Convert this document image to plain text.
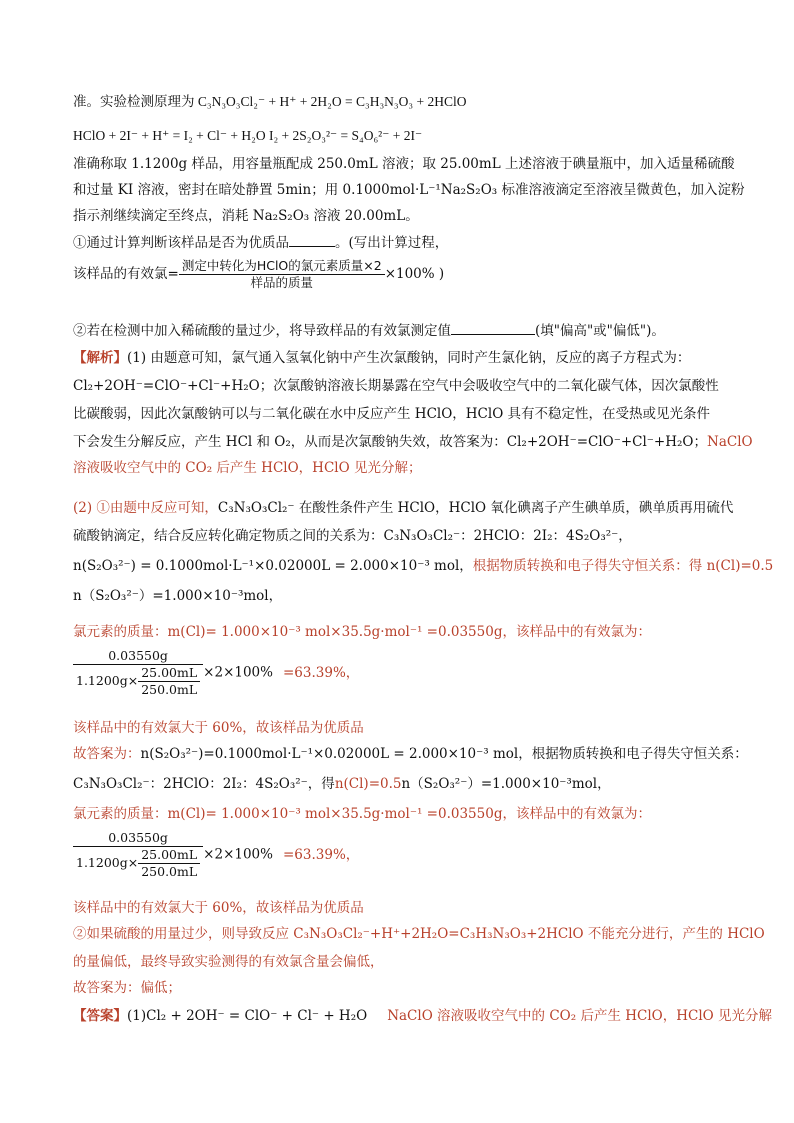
准。实验检测原理为 C₃N₃O₃Cl₂⁻ + H⁺ + 2H₂O = C₃H₃N₃O₃ + 2HClO
HClO + 2I⁻ + H⁺ = I₂ + Cl⁻ + H₂O I₂ + 2S₂O₃²⁻ = S₄O₆²⁻ + 2I⁻
准确称取 1.1200g 样品，用容量瓶配成 250.0mL 溶液；取 25.00mL 上述溶液于碘量瓶中，加入适量稀硫酸
和过量 KI 溶液，密封在暗处静置 5min；用 0.1000mol·L⁻¹Na₂S₂O₃ 标准溶液滴定至溶液呈微黄色，加入淀粉
指示剂继续滴定至终点，消耗 Na₂S₂O₃ 溶液 20.00mL。
①通过计算判断该样品是否为优质品	。(写出计算过程，
该样品的有效氯= $\frac{\text{测定中转化为HClO的氯元素质量×2}}{\text{样品的质量}} \times 100\%$ )
②若在检测中加入稀硫酸的量过少，将导致样品的有效氯测定值	(填"偏高"或"偏低")。
【解析】(1) 由题意可知，氯气通入氢氧化钠中产生次氯酸钠，同时产生氯化钠，反应的离子方程式为：
Cl₂+2OH⁻=ClO⁻+Cl⁻+H₂O；次氯酸钠溶液长期暴露在空气中会吸收空气中的二氧化碳气体，因次氯酸性
比碳酸弱，因此次氯酸钠可以与二氧化碳在水中反应产生 HClO，HClO 具有不稳定性，在受热或见光条件
下会发生分解反应，产生 HCl 和 O₂，从而是次氯酸钠失效，故答案为：Cl₂+2OH⁻=ClO⁻+Cl⁻+H₂O；NaClO
溶液吸收空气中的 CO₂ 后产生 HClO，HClO 见光分解；
(2) ①由题中反应可知，C₃N₃O₃Cl₂⁻ 在酸性条件产生 HClO，HClO 氧化碘离子产生碘单质，碘单质再用硫代
硫酸钠滴定，结合反应转化确定物质之间的关系为：C₃N₃O₃Cl₂⁻：2HClO：2I₂：4S₂O₃²⁻，
n(S₂O₃²⁻) = 0.1000mol·L⁻¹×0.02000L = 2.000×10⁻³ mol，根据物质转换和电子得失守恒关系：得 n(Cl)=0.5
n（S₂O₃²⁻）=1.000×10⁻³mol，
氯元素的质量：m(Cl)= 1.000×10⁻³ mol×35.5g·mol⁻¹ =0.03550g，该样品中的有效氯为：
$\frac{0.03550g}{1.1200g\times \frac{25.00mL}{250.0mL}} \times 2\times 100\% =63.39\%$，
该样品中的有效氯大于 60%，故该样品为优质品
故答案为：n(S₂O₃²⁻)=0.1000mol·L⁻¹×0.02000L = 2.000×10⁻³ mol，根据物质转换和电子得失守恒关系：
C₃N₃O₃Cl₂⁻：2HClO：2I₂：4S₂O₃²⁻，得n(Cl)=0.5n（S₂O₃²⁻）=1.000×10⁻³mol，
氯元素的质量：m(Cl)= 1.000×10⁻³ mol×35.5g·mol⁻¹ =0.03550g，该样品中的有效氯为：
$\frac{0.03550g}{1.1200g\times \frac{25.00mL}{250.0mL}} \times 2\times 100\% =63.39\%$，
该样品中的有效氯大于 60%，故该样品为优质品
②如果硫酸的用量过少，则导致反应 C₃N₃O₃Cl₂⁻+H⁺+2H₂O=C₃H₃N₃O₃+2HClO 不能充分进行，产生的 HClO
的量偏低，最终导致实验测得的有效氯含量会偏低，
故答案为：偏低；
【答案】(1)Cl₂ + 2OH⁻ = ClO⁻ + Cl⁻ + H₂O NaClO 溶液吸收空气中的 CO₂ 后产生 HClO，HClO 见光分解
